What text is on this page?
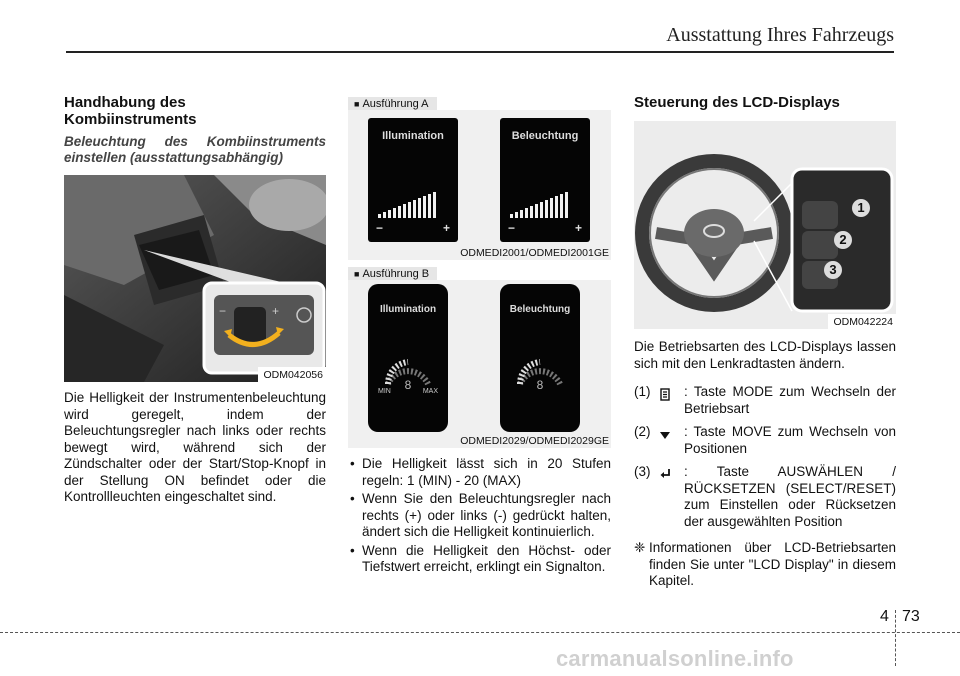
Ausstattung Ihres Fahrzeugs
Handhabung des
Kombiinstruments
Beleuchtung des Kombiinstruments einstellen (ausstattungsabhängig)
−	+
ODM042056

Die Helligkeit der Instrumentenbeleuchtung wird geregelt, indem der Beleuchtungsregler nach links oder rechts bewegt wird, während sich der Zündschalter oder der Start/Stop-Knopf in der Stellung ON befindet oder die Kontrollleuchten eingeschaltet sind.

■ Ausführung A
Illumination
−	+
Beleuchtung
−	+
ODMEDI2001/ODMEDI2001GE
■ Ausführung B
Illumination
8
MIN	MAX
Beleuchtung
8
ODMEDI2029/ODMEDI2029GE
• Die Helligkeit lässt sich in 20 Stufen regeln: 1 (MIN) - 20 (MAX)
• Wenn Sie den Beleuchtungsregler nach rechts (+) oder links (-) gedrückt halten, ändert sich die Helligkeit kontinuierlich.
• Wenn die Helligkeit den Höchst- oder Tiefstwert erreicht, erklingt ein Signalton.
Steuerung des LCD-Displays
1
2
3
ODM042224

Die Betriebsarten des LCD-Displays lassen sich mit den Lenkradtasten ändern.

(1) : Taste MODE zum Wechseln der Betriebsart
(2) : Taste MOVE zum Wechseln von Positionen
(3) : Taste AUSWÄHLEN / RÜCKSETZEN (SELECT/RESET) zum Einstellen oder Rücksetzen der ausgewählten Position
❈ Informationen über LCD-Betriebsarten finden Sie unter "LCD Display" in diesem Kapitel.
4 73
carmanualsonline.info
